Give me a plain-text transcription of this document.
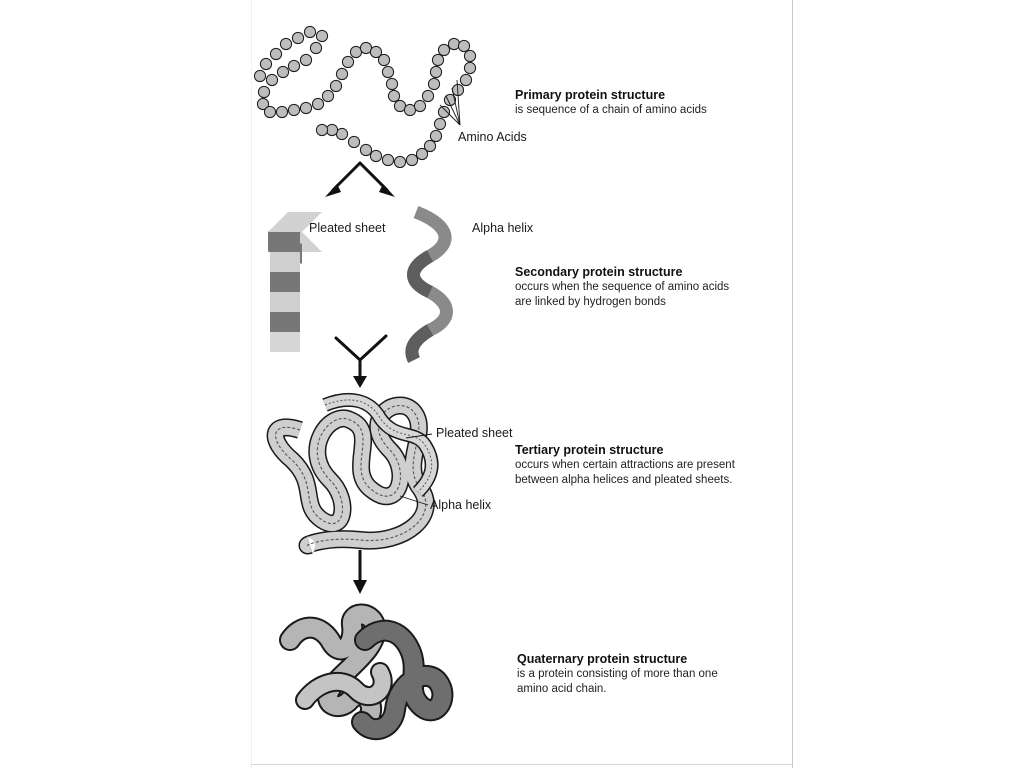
Amino Acids
Pleated sheet	Alpha helix
Pleated sheet
Alpha helix
Primary protein structure
is sequence of a chain of amino acids
Secondary protein structure
occurs when the sequence of amino acids
are linked by hydrogen bonds
Tertiary protein structure
occurs when certain attractions are present
between alpha helices and pleated sheets.
Quaternary protein structure
is a protein consisting of more than one
amino acid chain.
